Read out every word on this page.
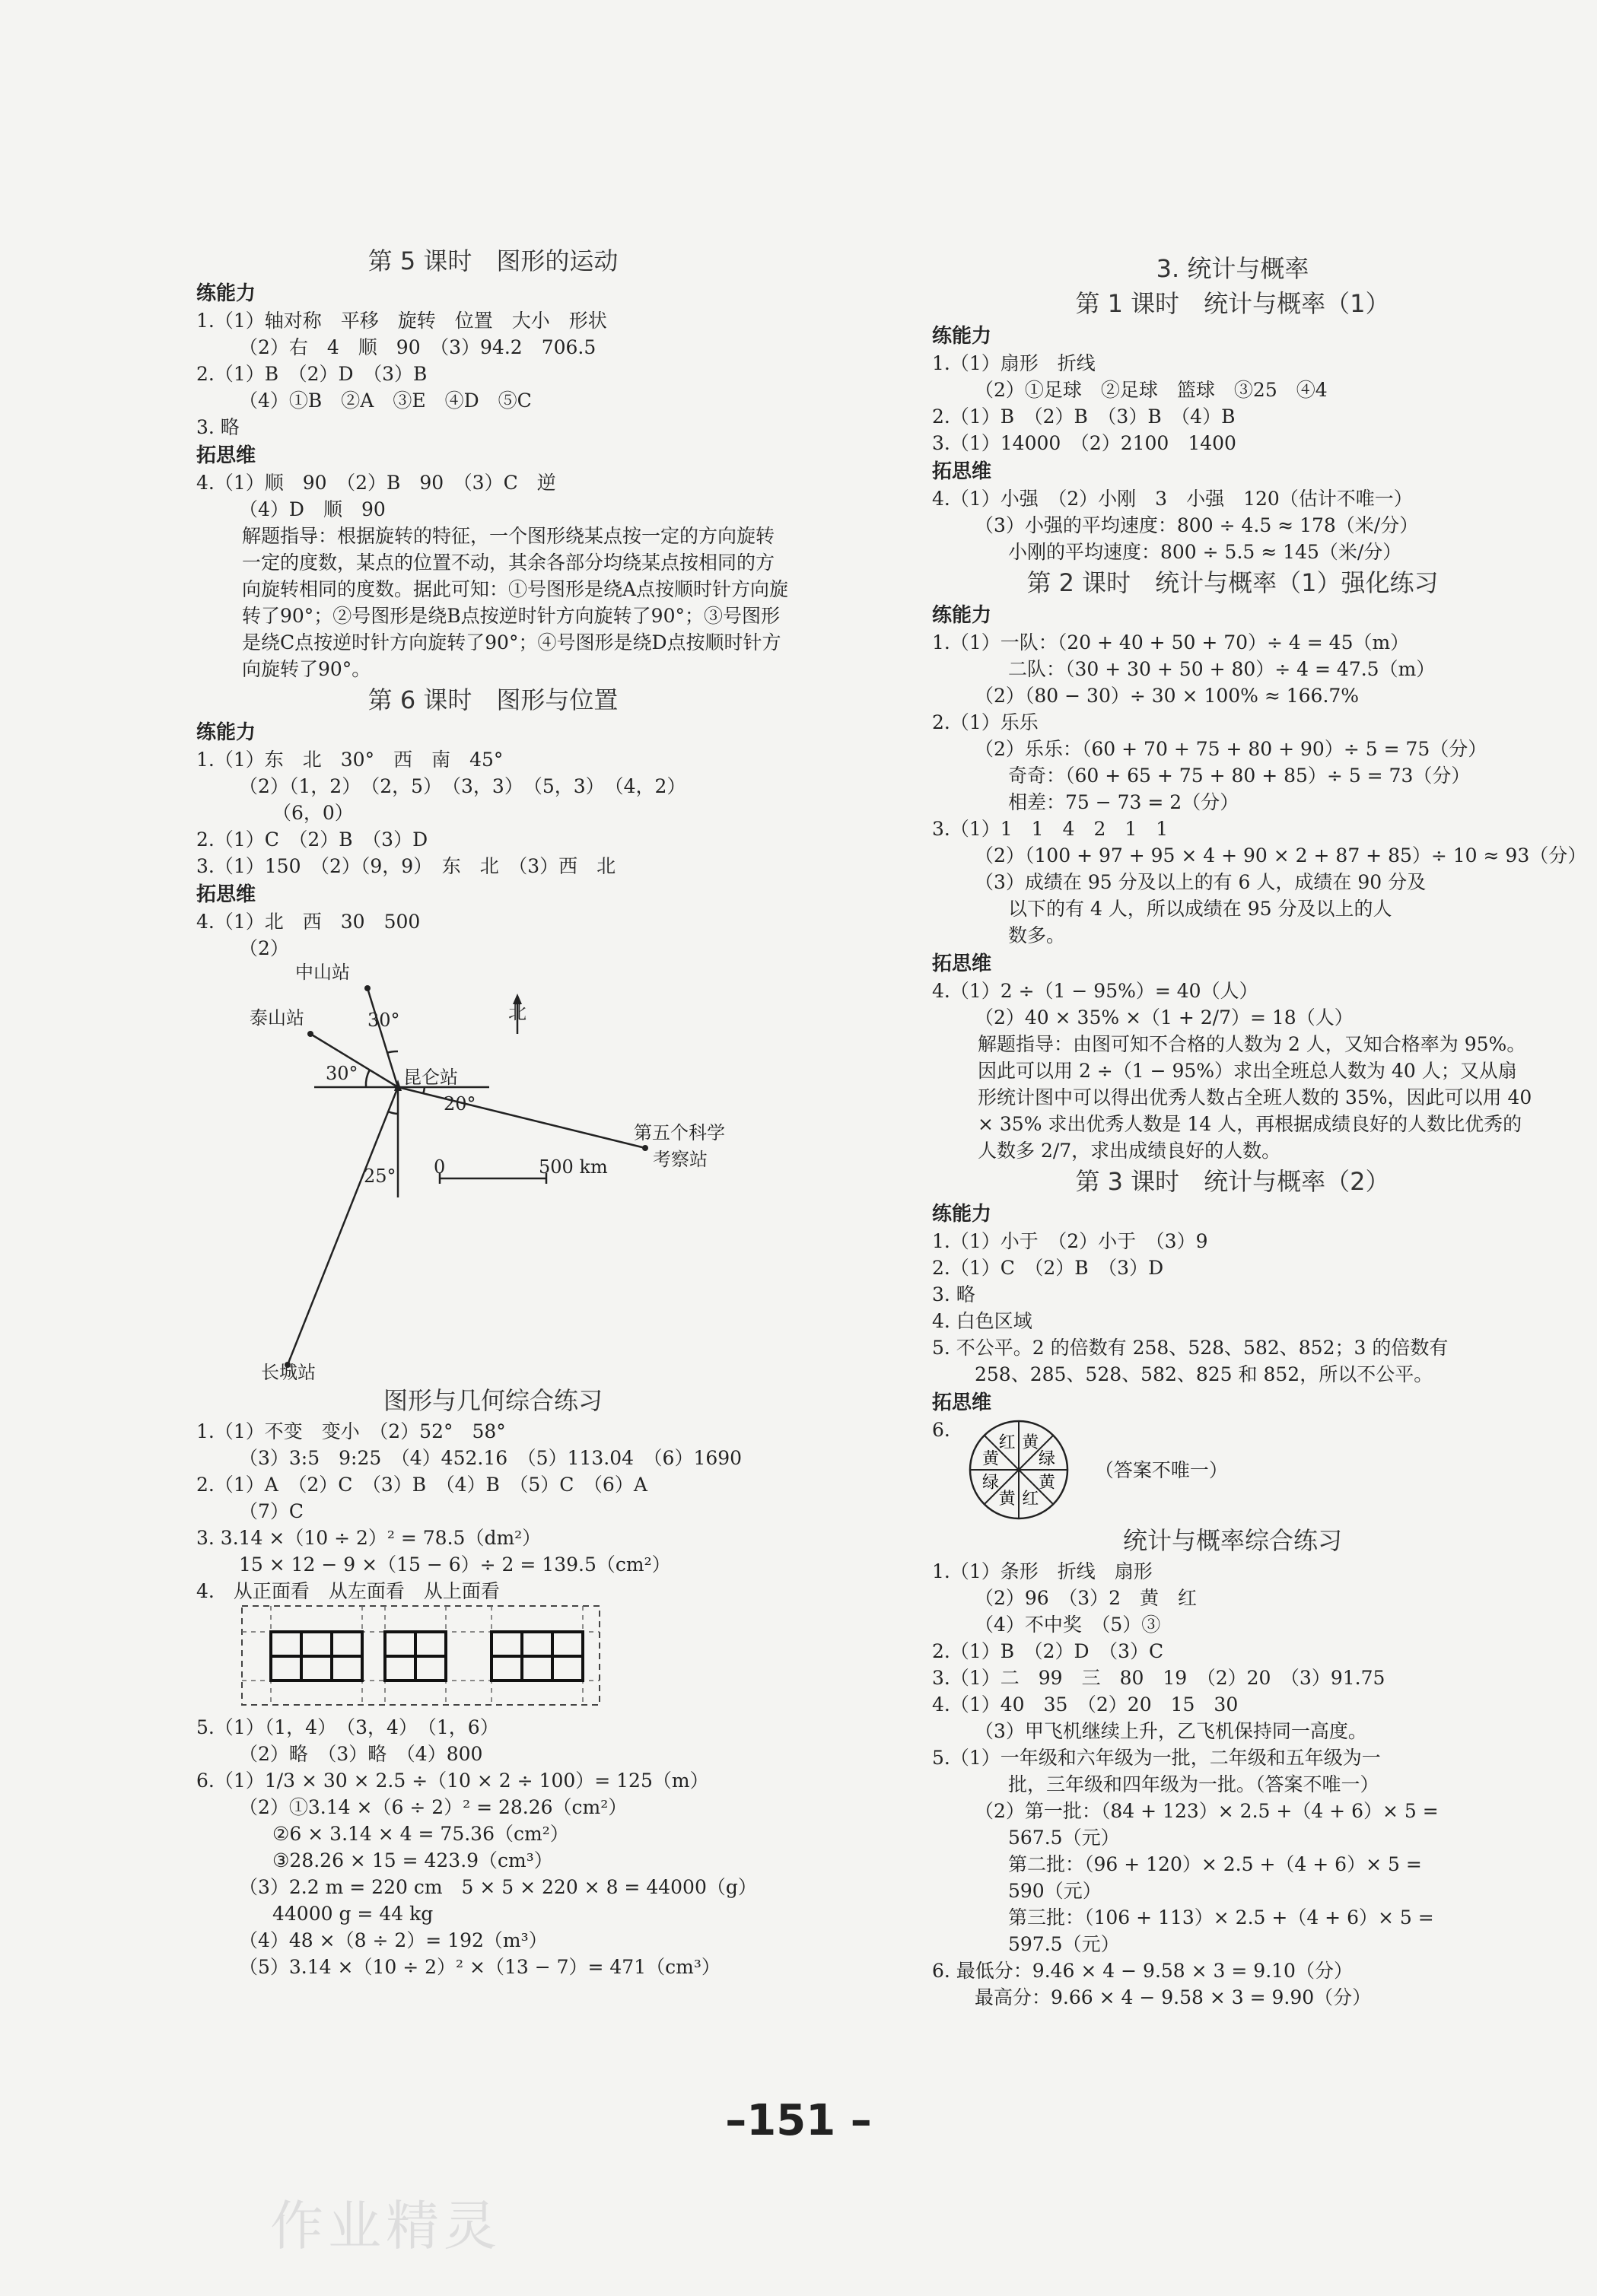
第 5 课时　图形的运动
练能力
1.（1）轴对称　平移　旋转　位置　大小　形状
（2）右　4　顺　90　（3）94.2　706.5
2.（1）B　（2）D　（3）B
（4）①B　②A　③E　④D　⑤C
3. 略
拓思维
4.（1）顺　90　（2）B　90　（3）C　逆
（4）D　顺　90
解题指导：根据旋转的特征，一个图形绕某点按一定的方向旋转一定的度数，某点的位置不动，其余各部分均绕某点按相同的方向旋转相同的度数。据此可知：①号图形是绕A点按顺时针方向旋转了90°；②号图形是绕B点按逆时针方向旋转了90°；③号图形是绕C点按逆时针方向旋转了90°；④号图形是绕D点按顺时针方向旋转了90°。
第 6 课时　图形与位置
练能力
1.（1）东　北　30°　西　南　45°
（2）（1，2）　（2，5）　（3，3）　（5，3）　（4，2）
（6，0）
2.（1）C　（2）B　（3）D
3.（1）150　（2）（9，9）　东　北　（3）西　北
拓思维
4.（1）北　西　30　500
（2）
中山站
泰山站	北
昆仑站
30°
30°
20°
25°
第五个科学
考察站
0	500 km
长城站
图形与几何综合练习
1.（1）不变　变小　（2）52°　58°
（3）3:5　9:25　（4）452.16　（5）113.04　（6）1690
2.（1）A　（2）C　（3）B　（4）B　（5）C　（6）A
（7）C
3. 3.14 ×（10 ÷ 2）² = 78.5（dm²）
15 × 12 − 9 ×（15 − 6）÷ 2 = 139.5（cm²）
4.　从正面看　从左面看　从上面看
5.（1）（1，4）　（3，4）　（1，6）
（2）略　（3）略　（4）800
6.（1）1/3 × 30 × 2.5 ÷（10 × 2 ÷ 100）= 125（m）
（2）①3.14 ×（6 ÷ 2）² = 28.26（cm²）
②6 × 3.14 × 4 = 75.36（cm²）
③28.26 × 15 = 423.9（cm³）
（3）2.2 m = 220 cm　5 × 5 × 220 × 8 = 44000（g）
44000 g = 44 kg
（4）48 ×（8 ÷ 2）= 192（m³）
（5）3.14 ×（10 ÷ 2）² ×（13 − 7）= 471（cm³）
3. 统计与概率
第 1 课时　统计与概率（1）
练能力
1.（1）扇形　折线
（2）①足球　②足球　篮球　③25　④4
2.（1）B　（2）B　（3）B　（4）B
3.（1）14000　（2）2100　1400
拓思维
4.（1）小强　（2）小刚　3　小强　120（估计不唯一）
（3）小强的平均速度：800 ÷ 4.5 ≈ 178（米/分）
小刚的平均速度：800 ÷ 5.5 ≈ 145（米/分）
第 2 课时　统计与概率（1）强化练习
练能力
1.（1）一队：（20 + 40 + 50 + 70）÷ 4 = 45（m）
二队：（30 + 30 + 50 + 80）÷ 4 = 47.5（m）
（2）（80 − 30）÷ 30 × 100% ≈ 166.7%
2.（1）乐乐
（2）乐乐：（60 + 70 + 75 + 80 + 90）÷ 5 = 75（分）
奇奇：（60 + 65 + 75 + 80 + 85）÷ 5 = 73（分）
相差：75 − 73 = 2（分）
3.（1）1　1　4　2　1　1
（2）（100 + 97 + 95 × 4 + 90 × 2 + 87 + 85）÷ 10 ≈ 93（分）
（3）成绩在 95 分及以上的有 6 人，成绩在 90 分及
以下的有 4 人，所以成绩在 95 分及以上的人
数多。
拓思维
4.（1）2 ÷（1 − 95%）= 40（人）
（2）40 × 35% ×（1 + 2/7）= 18（人）
解题指导：由图可知不合格的人数为 2 人，又知合格率为 95%。因此可以用 2 ÷（1 − 95%）求出全班总人数为 40 人；又从扇形统计图中可以得出优秀人数占全班人数的 35%，因此可以用 40 × 35% 求出优秀人数是 14 人，再根据成绩良好的人数比优秀的人数多 2/7，求出成绩良好的人数。
第 3 课时　统计与概率（2）
练能力
1.（1）小于　（2）小于　（3）9
2.（1）C　（2）B　（3）D
3. 略
4. 白色区域
5. 不公平。2 的倍数有 258、528、582、852；3 的倍数有
258、285、528、582、825 和 852，所以不公平。
拓思维
6.
黄
绿
黄
红
黄
绿
黄
红
（答案不唯一）
统计与概率综合练习
1.（1）条形　折线　扇形
（2）96　（3）2　黄　红
（4）不中奖　（5）③
2.（1）B　（2）D　（3）C
3.（1）二　99　三　80　19　（2）20　（3）91.75
4.（1）40　35　（2）20　15　30
（3）甲飞机继续上升，乙飞机保持同一高度。
5.（1）一年级和六年级为一批，二年级和五年级为一
批，三年级和四年级为一批。（答案不唯一）
（2）第一批：（84 + 123）× 2.5 +（4 + 6）× 5 =
567.5（元）
第二批：（96 + 120）× 2.5 +（4 + 6）× 5 =
590（元）
第三批：（106 + 113）× 2.5 +（4 + 6）× 5 =
597.5（元）
6. 最低分：9.46 × 4 − 9.58 × 3 = 9.10（分）
最高分：9.66 × 4 − 9.58 × 3 = 9.90（分）
–151 –
作业精灵
